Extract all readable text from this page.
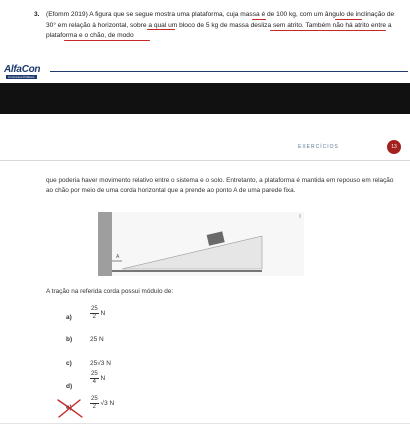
3. (Efomm 2019) A figura que se segue mostra uma plataforma, cuja massa é de 100 kg, com um ângulo de inclinação de 30° em relação à horizontal, sobre a qual um bloco de 5 kg de massa desliza sem atrito. Também não há atrito entre a plataforma e o chão, de modo

AlfaCon
Concursos Públicos
EXERCÍCIOS	13

que poderia haver movimento relativo entre o sistema e o solo. Entretanto, a plataforma é mantida em repouso em relação ao chão por meio de uma corda horizontal que a prende ao ponto A de uma parede fixa.

A
A tração na referida corda possui módulo de:
a)	$\frac{25}{2}$ N
b)	25 N
c)	25√3 N
d)
$\frac{25}{4}$ N
e)	$\frac{25}{2} √3$ N
